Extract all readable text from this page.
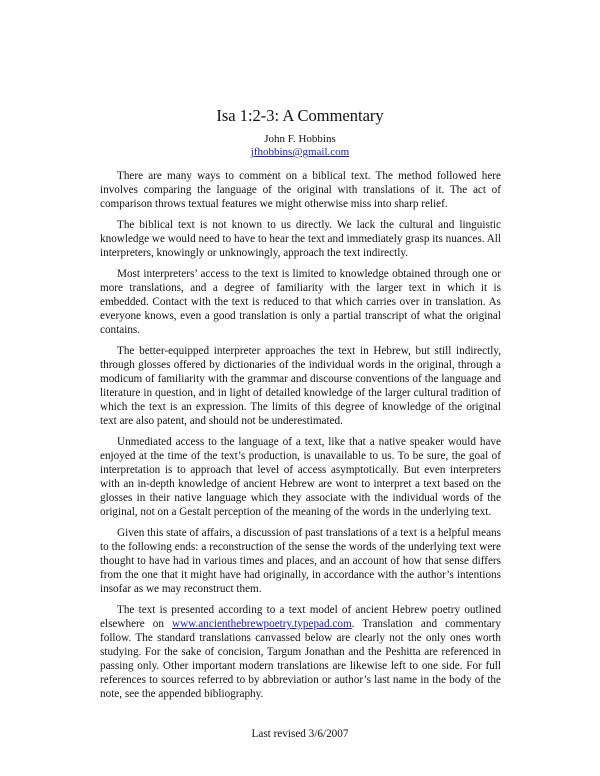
Isa 1:2-3: A Commentary
John F. Hobbins
jfhobbins@gmail.com

There are many ways to comment on a biblical text. The method followed here involves comparing the language of the original with translations of it. The act of comparison throws textual features we might otherwise miss into sharp relief.

The biblical text is not known to us directly. We lack the cultural and linguistic knowledge we would need to have to hear the text and immediately grasp its nuances. All interpreters, knowingly or unknowingly, approach the text indirectly.

Most interpreters’ access to the text is limited to knowledge obtained through one or more translations, and a degree of familiarity with the larger text in which it is embedded. Contact with the text is reduced to that which carries over in translation. As everyone knows, even a good translation is only a partial transcript of what the original contains.

The better-equipped interpreter approaches the text in Hebrew, but still indirectly, through glosses offered by dictionaries of the individual words in the original, through a modicum of familiarity with the grammar and discourse conventions of the language and literature in question, and in light of detailed knowledge of the larger cultural tradition of which the text is an expression. The limits of this degree of knowledge of the original text are also patent, and should not be underestimated.

Unmediated access to the language of a text, like that a native speaker would have enjoyed at the time of the text’s production, is unavailable to us. To be sure, the goal of interpretation is to approach that level of access asymptotically. But even interpreters with an in-depth knowledge of ancient Hebrew are wont to interpret a text based on the glosses in their native language which they associate with the individual words of the original, not on a Gestalt perception of the meaning of the words in the underlying text.

Given this state of affairs, a discussion of past translations of a text is a helpful means to the following ends: a reconstruction of the sense the words of the underlying text were thought to have had in various times and places, and an account of how that sense differs from the one that it might have had originally, in accordance with the author’s intentions insofar as we may reconstruct them.

The text is presented according to a text model of ancient Hebrew poetry outlined elsewhere on www.ancienthebrewpoetry.typepad.com. Translation and commentary follow. The standard translations canvassed below are clearly not the only ones worth studying. For the sake of concision, Targum Jonathan and the Peshitta are referenced in passing only. Other important modern translations are likewise left to one side. For full references to sources referred to by abbreviation or author’s last name in the body of the note, see the appended bibliography.

Last revised 3/6/2007
